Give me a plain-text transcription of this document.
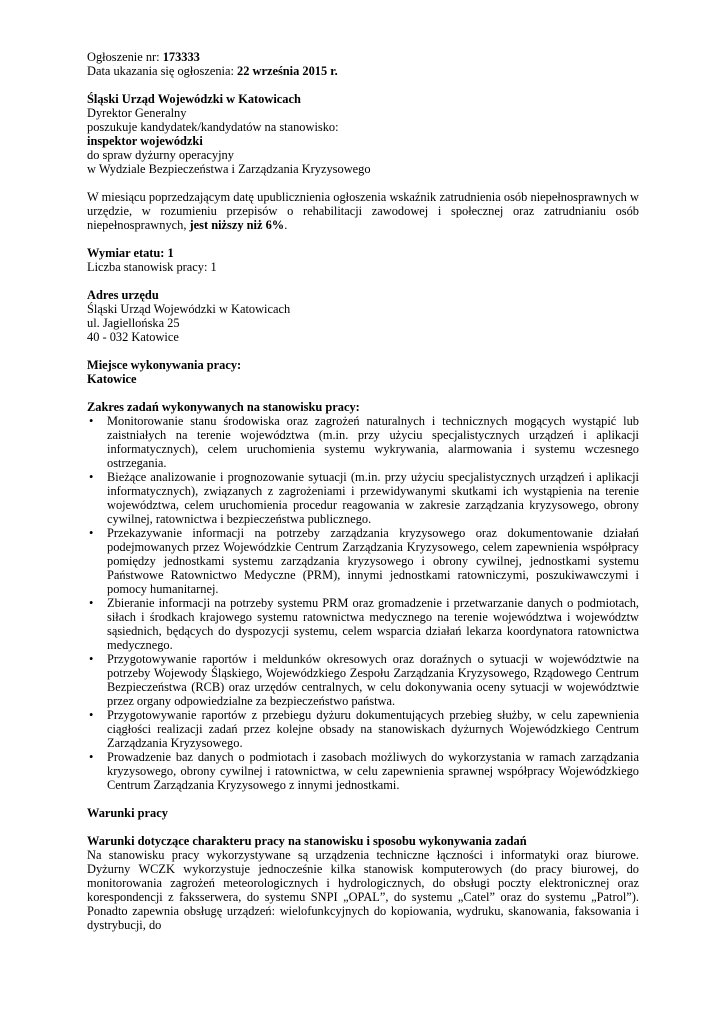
Ogłoszenie nr: 173333
Data ukazania się ogłoszenia: 22 września 2015 r.
Śląski Urząd Wojewódzki w Katowicach
Dyrektor Generalny
poszukuje kandydatek/kandydatów na stanowisko:
inspektor wojewódzki
do spraw dyżurny operacyjny
w Wydziale Bezpieczeństwa i Zarządzania Kryzysowego
W miesiącu poprzedzającym datę upublicznienia ogłoszenia wskaźnik zatrudnienia osób niepełnosprawnych w urzędzie, w rozumieniu przepisów o rehabilitacji zawodowej i społecznej oraz zatrudnianiu osób niepełnosprawnych, jest niższy niż 6%.
Wymiar etatu: 1
Liczba stanowisk pracy: 1
Adres urzędu
Śląski Urząd Wojewódzki w Katowicach
ul. Jagiellońska 25
40 - 032 Katowice
Miejsce wykonywania pracy:
Katowice
Zakres zadań wykonywanych na stanowisku pracy:
• Monitorowanie stanu środowiska oraz zagrożeń naturalnych i technicznych mogących wystąpić lub zaistniałych na terenie województwa (m.in. przy użyciu specjalistycznych urządzeń i aplikacji informatycznych), celem uruchomienia systemu wykrywania, alarmowania i systemu wczesnego ostrzegania.
• Bieżące analizowanie i prognozowanie sytuacji (m.in. przy użyciu specjalistycznych urządzeń i aplikacji informatycznych), związanych z zagrożeniami i przewidywanymi skutkami ich wystąpienia na terenie województwa, celem uruchomienia procedur reagowania w zakresie zarządzania kryzysowego, obrony cywilnej, ratownictwa i bezpieczeństwa publicznego.
• Przekazywanie informacji na potrzeby zarządzania kryzysowego oraz dokumentowanie działań podejmowanych przez Wojewódzkie Centrum Zarządzania Kryzysowego, celem zapewnienia współpracy pomiędzy jednostkami systemu zarządzania kryzysowego i obrony cywilnej, jednostkami systemu Państwowe Ratownictwo Medyczne (PRM), innymi jednostkami ratowniczymi, poszukiwawczymi i pomocy humanitarnej.
• Zbieranie informacji na potrzeby systemu PRM oraz gromadzenie i przetwarzanie danych o podmiotach, siłach i środkach krajowego systemu ratownictwa medycznego na terenie województwa i województw sąsiednich, będących do dyspozycji systemu, celem wsparcia działań lekarza koordynatora ratownictwa medycznego.
• Przygotowywanie raportów i meldunków okresowych oraz doraźnych o sytuacji w województwie na potrzeby Wojewody Śląskiego, Wojewódzkiego Zespołu Zarządzania Kryzysowego, Rządowego Centrum Bezpieczeństwa (RCB) oraz urzędów centralnych, w celu dokonywania oceny sytuacji w województwie przez organy odpowiedzialne za bezpieczeństwo państwa.
• Przygotowywanie raportów z przebiegu dyżuru dokumentujących przebieg służby, w celu zapewnienia ciągłości realizacji zadań przez kolejne obsady na stanowiskach dyżurnych Wojewódzkiego Centrum Zarządzania Kryzysowego.
• Prowadzenie baz danych o podmiotach i zasobach możliwych do wykorzystania w ramach zarządzania kryzysowego, obrony cywilnej i ratownictwa, w celu zapewnienia sprawnej współpracy Wojewódzkiego Centrum Zarządzania Kryzysowego z innymi jednostkami.
Warunki pracy
Warunki dotyczące charakteru pracy na stanowisku i sposobu wykonywania zadań
Na stanowisku pracy wykorzystywane są urządzenia techniczne łączności i informatyki oraz biurowe. Dyżurny WCZK wykorzystuje jednocześnie kilka stanowisk komputerowych (do pracy biurowej, do monitorowania zagrożeń meteorologicznych i hydrologicznych, do obsługi poczty elektronicznej oraz korespondencji z faksserwera, do systemu SNPI „OPAL”, do systemu „Catel” oraz do systemu „Patrol”). Ponadto zapewnia obsługę urządzeń: wielofunkcyjnych do kopiowania, wydruku, skanowania, faksowania i dystrybucji, do
